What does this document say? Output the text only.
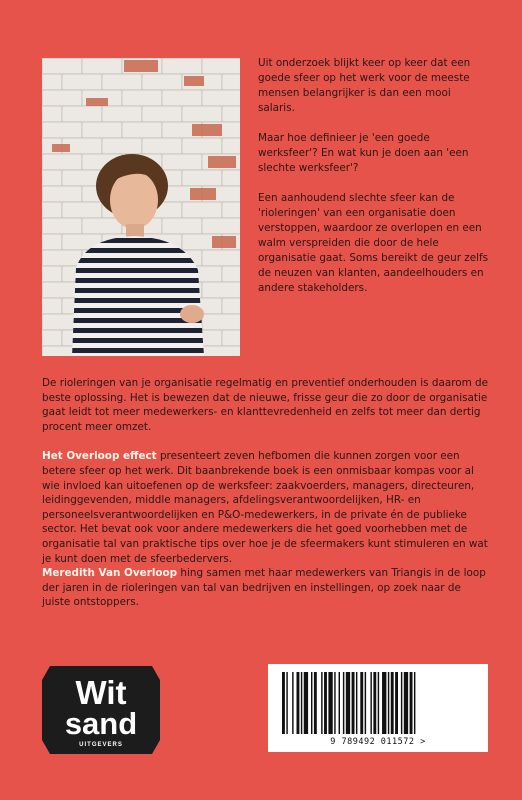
Uit onderzoek blijkt keer op keer dat een goede sfeer op het werk voor de meeste mensen belangrijker is dan een mooi salaris.

Maar hoe definieer je 'een goede werksfeer'? En wat kun je doen aan 'een slechte werksfeer'?

Een aanhoudend slechte sfeer kan de 'rioleringen' van een organisatie doen verstoppen, waardoor ze overlopen en een walm verspreiden die door de hele organisatie gaat. Soms bereikt de geur zelfs de neuzen van klanten, aandeelhouders en andere stakeholders.

De rioleringen van je organisatie regelmatig en preventief onderhouden is daarom de beste oplossing. Het is bewezen dat de nieuwe, frisse geur die zo door de organisatie gaat leidt tot meer medewerkers- en klanttevredenheid en zelfs tot meer dan dertig procent meer omzet.

Het Overloop effect presenteert zeven hefbomen die kunnen zorgen voor een betere sfeer op het werk. Dit baanbrekende boek is een onmisbaar kompas voor al wie invloed kan uitoefenen op de werksfeer: zaakvoerders, managers, directeuren, leidinggevenden, middle managers, afdelingsverantwoordelijken, HR- en personeelsverantwoordelijken en P&O-medewerkers, in de private én de publieke sector. Het bevat ook voor andere medewerkers die het goed voorhebben met de organisatie tal van praktische tips over hoe je de sfeermakers kunt stimuleren en wat je kunt doen met de sfeerbedervers.

Meredith Van Overloop hing samen met haar medewerkers van Triangis in de loop der jaren in de rioleringen van tal van bedrijven en instellingen, op zoek naar de juiste ontstoppers.

Wit
sand
UITGEVERS	9 789492 011572 >
